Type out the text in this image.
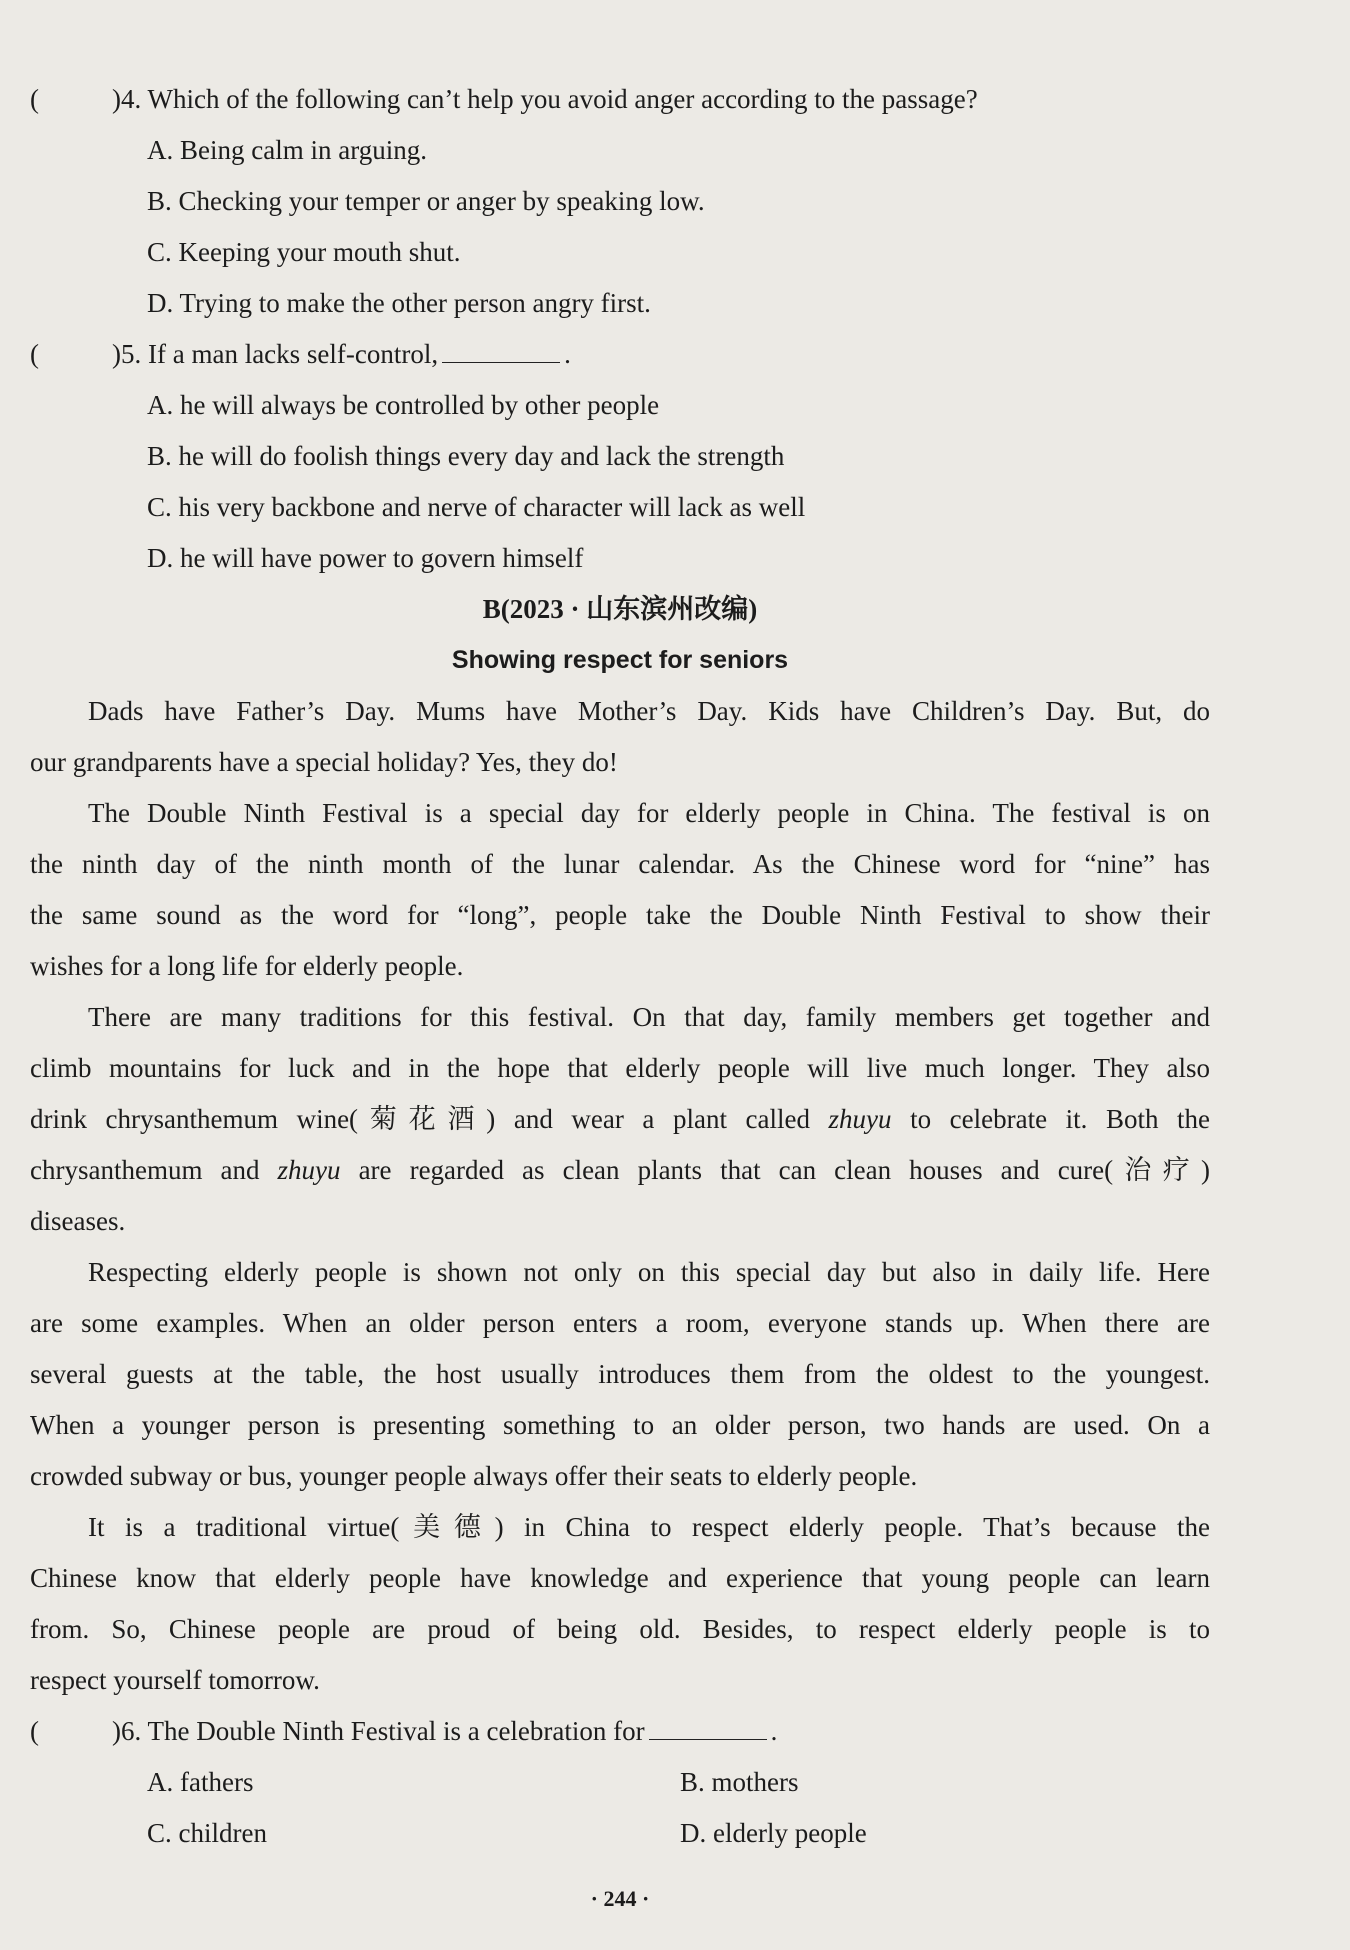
(	)4. Which of the following can’t help you avoid anger according to the passage?
A. Being calm in arguing.
B. Checking your temper or anger by speaking low.
C. Keeping your mouth shut.
D. Trying to make the other person angry first.
(	)5. If a man lacks self-control,	.
A. he will always be controlled by other people
B. he will do foolish things every day and lack the strength
C. his very backbone and nerve of character will lack as well
D. he will have power to govern himself
B(2023 · 山东滨州改编)
Showing respect for seniors
Dads have Father’s Day. Mums have Mother’s Day. Kids have Children’s Day. But, do
our grandparents have a special holiday? Yes, they do!
The Double Ninth Festival is a special day for elderly people in China. The festival is on
the ninth day of the ninth month of the lunar calendar. As the Chinese word for “nine” has
the same sound as the word for “long”, people take the Double Ninth Festival to show their
wishes for a long life for elderly people.
There are many traditions for this festival. On that day, family members get together and
climb mountains for luck and in the hope that elderly people will live much longer. They also
drink chrysanthemum wine(菊花酒) and wear a plant called zhuyu to celebrate it. Both the
chrysanthemum and zhuyu are regarded as clean plants that can clean houses and cure(治疗)
diseases.
Respecting elderly people is shown not only on this special day but also in daily life. Here
are some examples. When an older person enters a room, everyone stands up. When there are
several guests at the table, the host usually introduces them from the oldest to the youngest.
When a younger person is presenting something to an older person, two hands are used. On a
crowded subway or bus, younger people always offer their seats to elderly people.
It is a traditional virtue(美德) in China to respect elderly people. That’s because the
Chinese know that elderly people have knowledge and experience that young people can learn
from. So, Chinese people are proud of being old. Besides, to respect elderly people is to
respect yourself tomorrow.
(	)6. The Double Ninth Festival is a celebration for	.
A. fathers	B. mothers
C. children	D. elderly people
· 244 ·
